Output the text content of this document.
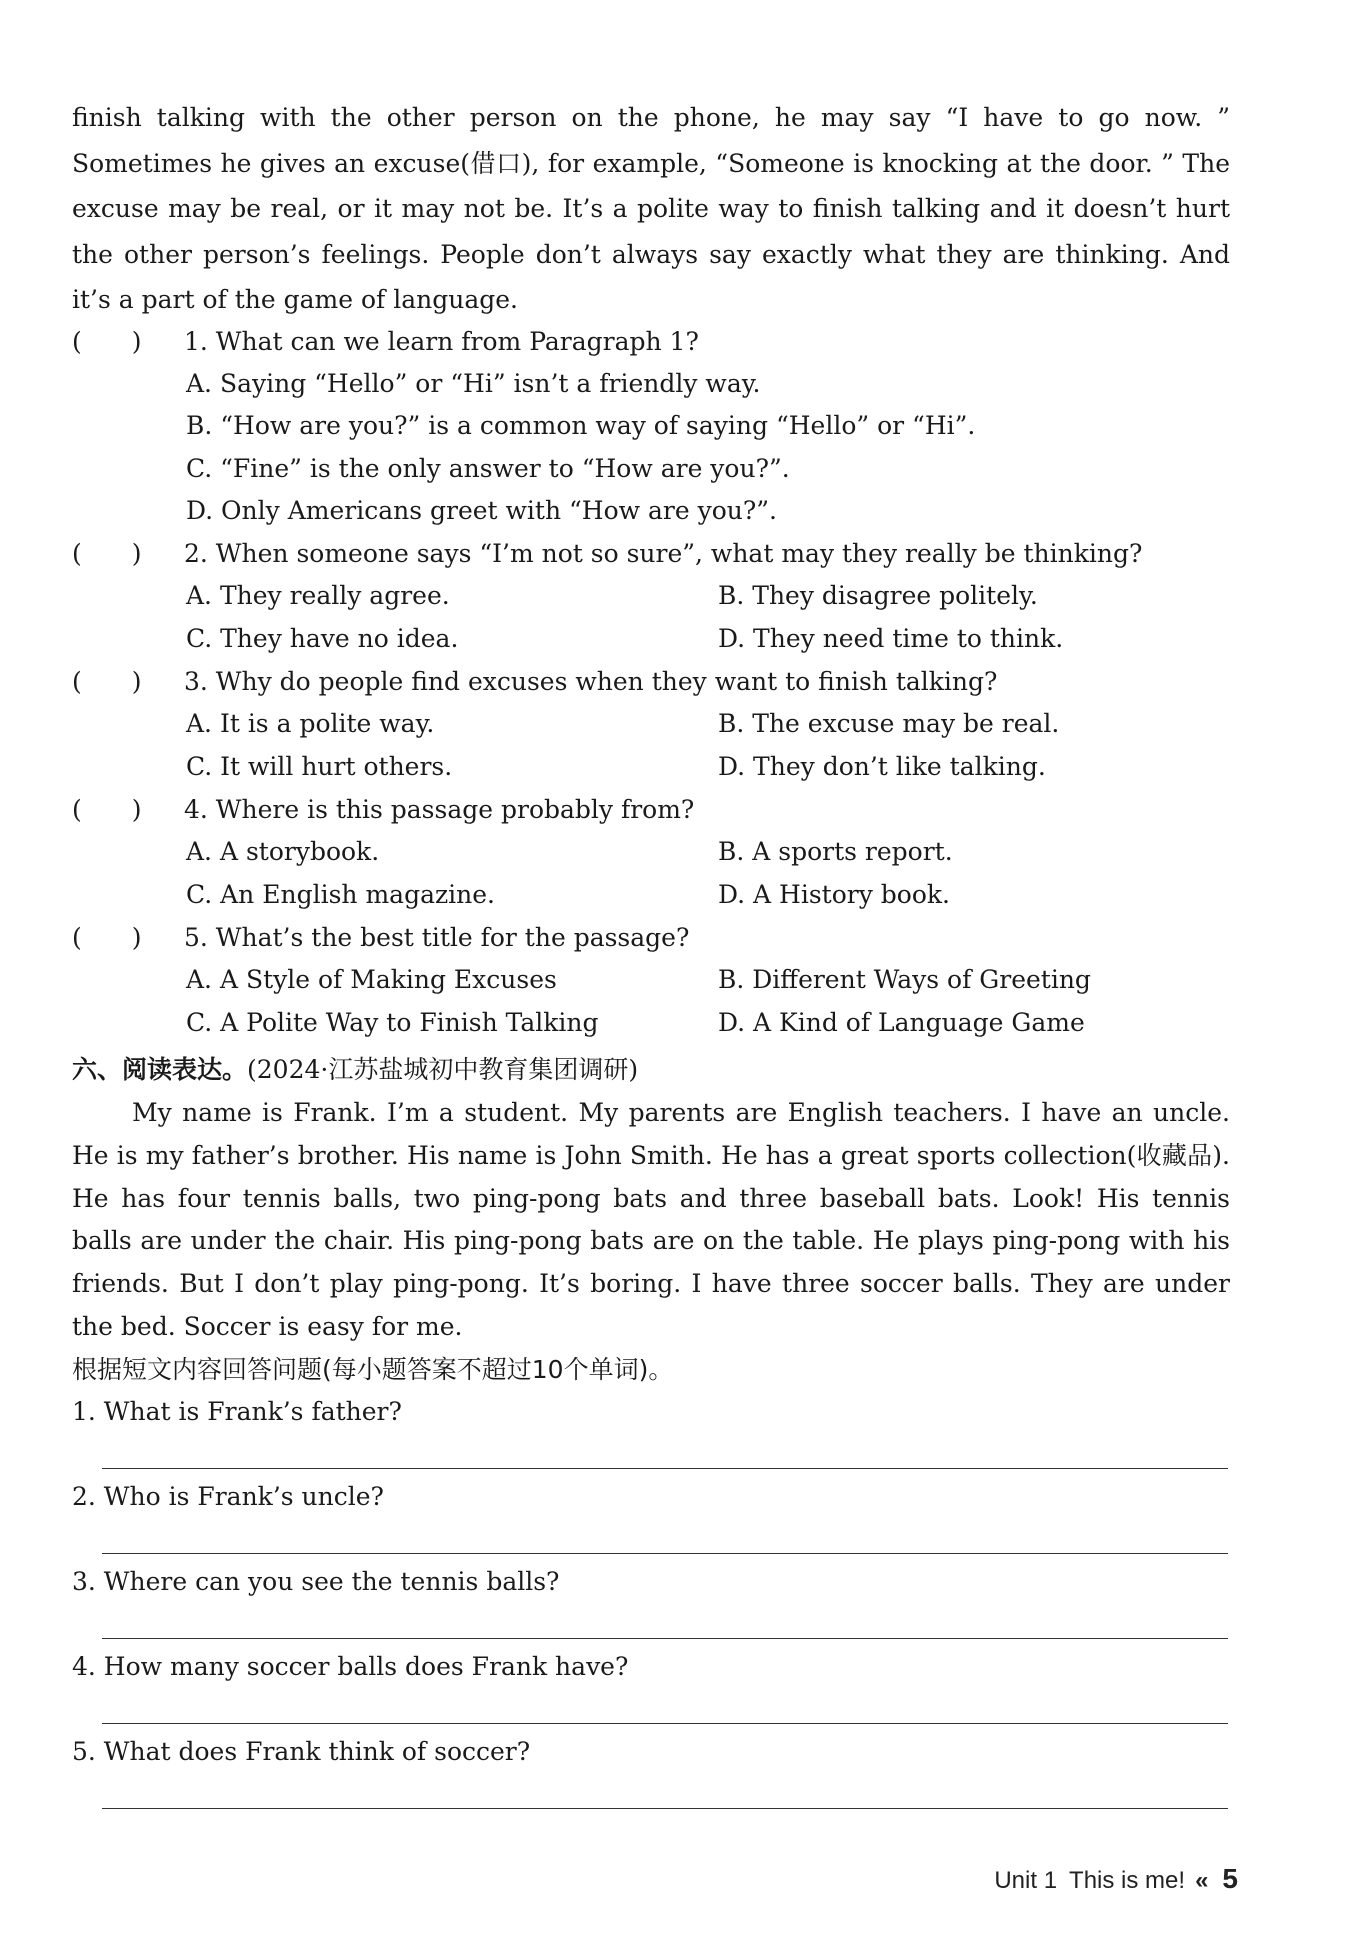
finish talking with the other person on the phone, he may say “I have to go now. ” Sometimes he gives an excuse(借口), for example, “Someone is knocking at the door. ” The excuse may be real, or it may not be. It’s a polite way to finish talking and it doesn’t hurt the other person’s feelings. People don’t always say exactly what they are thinking. And it’s a part of the game of language.

(　　) 1. What can we learn from Paragraph 1?
A. Saying “Hello” or “Hi” isn’t a friendly way.
B. “How are you?” is a common way of saying “Hello” or “Hi”.
C. “Fine” is the only answer to “How are you?”.
D. Only Americans greet with “How are you?”.
(　　) 2. When someone says “I’m not so sure”, what may they really be thinking?
A. They really agree.	B. They disagree politely.
C. They have no idea.	D. They need time to think.
(　　) 3. Why do people find excuses when they want to finish talking?
A. It is a polite way.	B. The excuse may be real.
C. It will hurt others.	D. They don’t like talking.
(　　) 4. Where is this passage probably from?
A. A storybook.	B. A sports report.
C. An English magazine.	D. A History book.
(　　) 5. What’s the best title for the passage?
A. A Style of Making Excuses	B. Different Ways of Greeting
C. A Polite Way to Finish Talking	D. A Kind of Language Game
六、阅读表达。(2024·江苏盐城初中教育集团调研)

My name is Frank. I’m a student. My parents are English teachers. I have an uncle. He is my father’s brother. His name is John Smith. He has a great sports collection(收藏品). He has four tennis balls, two ping-pong bats and three baseball bats. Look! His tennis balls are under the chair. His ping-pong bats are on the table. He plays ping-pong with his friends. But I don’t play ping-pong. It’s boring. I have three soccer balls. They are under the bed. Soccer is easy for me.

根据短文内容回答问题(每小题答案不超过10个单词)。
1. What is Frank’s father?
2. Who is Frank’s uncle?
3. Where can you see the tennis balls?
4. How many soccer balls does Frank have?
5. What does Frank think of soccer?
Unit 1 This is me! « 5
